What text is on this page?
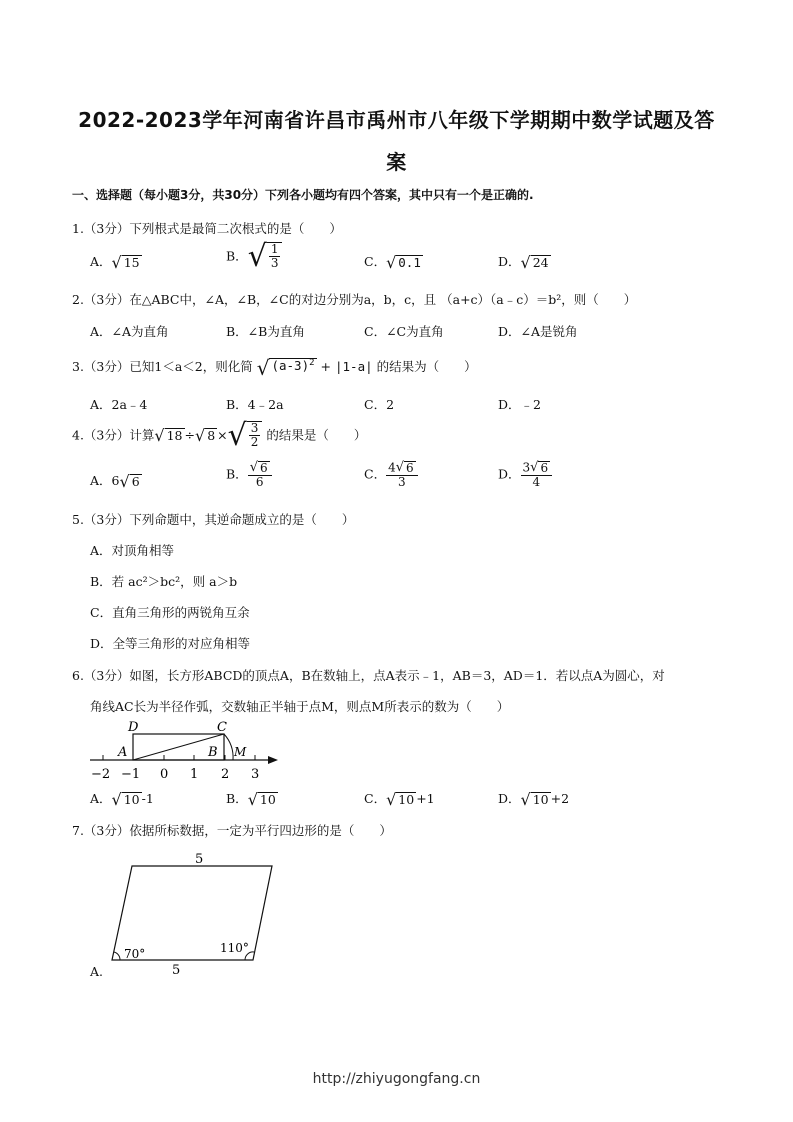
2022-2023学年河南省许昌市禹州市八年级下学期期中数学试题及答
案
一、选择题（每小题3分，共30分）下列各小题均有四个答案，其中只有一个是正确的.
1.（3分）下列根式是最简二次根式的是（　　）
A． √ 15	B． √ $\frac{1}{3}$	C． √ 0.1	D． √ 24
2.（3分）在△ABC中，∠A，∠B，∠C的对边分别为a，b，c，且 （a+c）（a﹣c）＝b²，则（　　）
A．∠A为直角	B．∠B为直角	C．∠C为直角	D．∠A是锐角
3.（3分）已知1＜a＜2，则化简 √ $(a-3)^2 + |1-a|$ 的结果为（　　）
A．2a﹣4	B．4﹣2a	C．2	D．﹣2
4.（3分）计算 √ 18 ÷ √ 8 × √ $\frac{3}{2}$ 的结果是（　　）
A．6 √ 6	B． $\frac{√ 6}{6}$	C． $\frac{4 √ 6}{3}$	D． $\frac{3 √ 6}{4}$
5.（3分）下列命题中，其逆命题成立的是（　　）
A．对顶角相等
B．若 ac²＞bc²，则 a＞b
C．直角三角形的两锐角互余
D．全等三角形的对应角相等
6.（3分）如图，长方形ABCD的顶点A，B在数轴上，点A表示﹣1，AB＝3，AD＝1．若以点A为圆心，对
角线AC长为半径作弧，交数轴正半轴于点M，则点M所表示的数为（　　）
D	C
A	B M
−2 −1 0 1 2 3
A． √ 10 -1	B． √ 10	C． √ 10 +1	D． √ 10 +2
7.（3分）依据所标数据，一定为平行四边形的是（　　）
5
5
70°	110°
A.
http://zhiyugongfang.cn
